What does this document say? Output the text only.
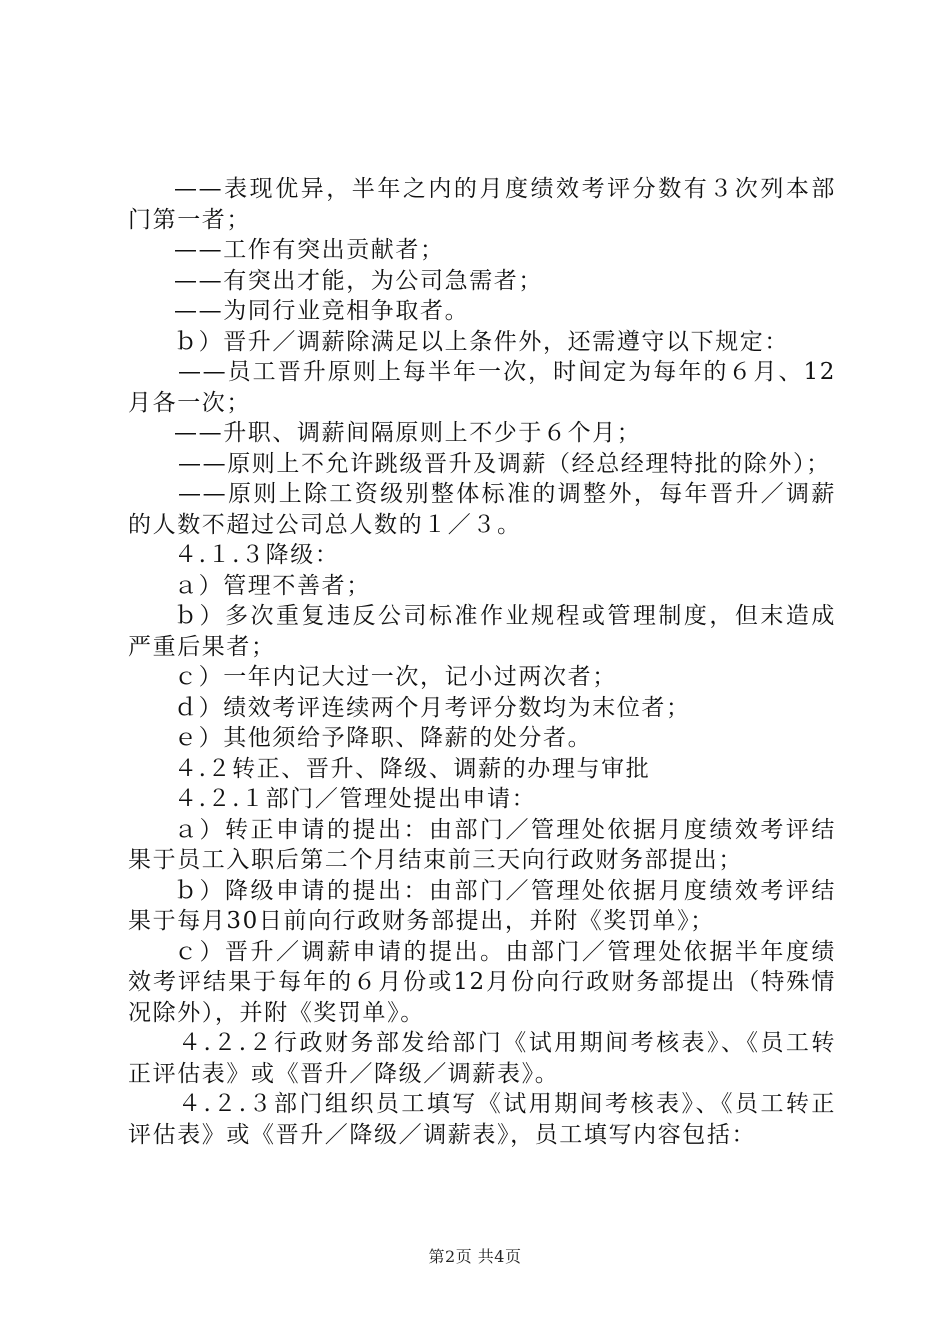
——表现优异，半年之内的月度绩效考评分数有３次列本部门第一者；

——工作有突出贡献者；

——有突出才能，为公司急需者；

——为同行业竞相争取者。

ｂ）晋升／调薪除满足以上条件外，还需遵守以下规定：

——员工晋升原则上每半年一次，时间定为每年的６月、12月各一次；

——升职、调薪间隔原则上不少于６个月；

——原则上不允许跳级晋升及调薪（经总经理特批的除外）；

——原则上除工资级别整体标准的调整外，每年晋升／调薪的人数不超过公司总人数的１／３。

４.１.３降级：

ａ）管理不善者；

ｂ）多次重复违反公司标准作业规程或管理制度，但末造成严重后果者；

ｃ）一年内记大过一次，记小过两次者；

ｄ）绩效考评连续两个月考评分数均为末位者；

ｅ）其他须给予降职、降薪的处分者。

４.２转正、晋升、降级、调薪的办理与审批

４.２.１部门／管理处提出申请：

ａ）转正申请的提出：由部门／管理处依据月度绩效考评结果于员工入职后第二个月结束前三天向行政财务部提出；

ｂ）降级申请的提出：由部门／管理处依据月度绩效考评结果于每月30日前向行政财务部提出，并附《奖罚单》；

ｃ）晋升／调薪申请的提出。由部门／管理处依据半年度绩效考评结果于每年的６月份或12月份向行政财务部提出（特殊情况除外），并附《奖罚单》。

４.２.２行政财务部发给部门《试用期间考核表》、《员工转正评估表》或《晋升／降级／调薪表》。

４.２.３部门组织员工填写《试用期间考核表》、《员工转正评估表》或《晋升／降级／调薪表》，员工填写内容包括：

第2页 共4页
